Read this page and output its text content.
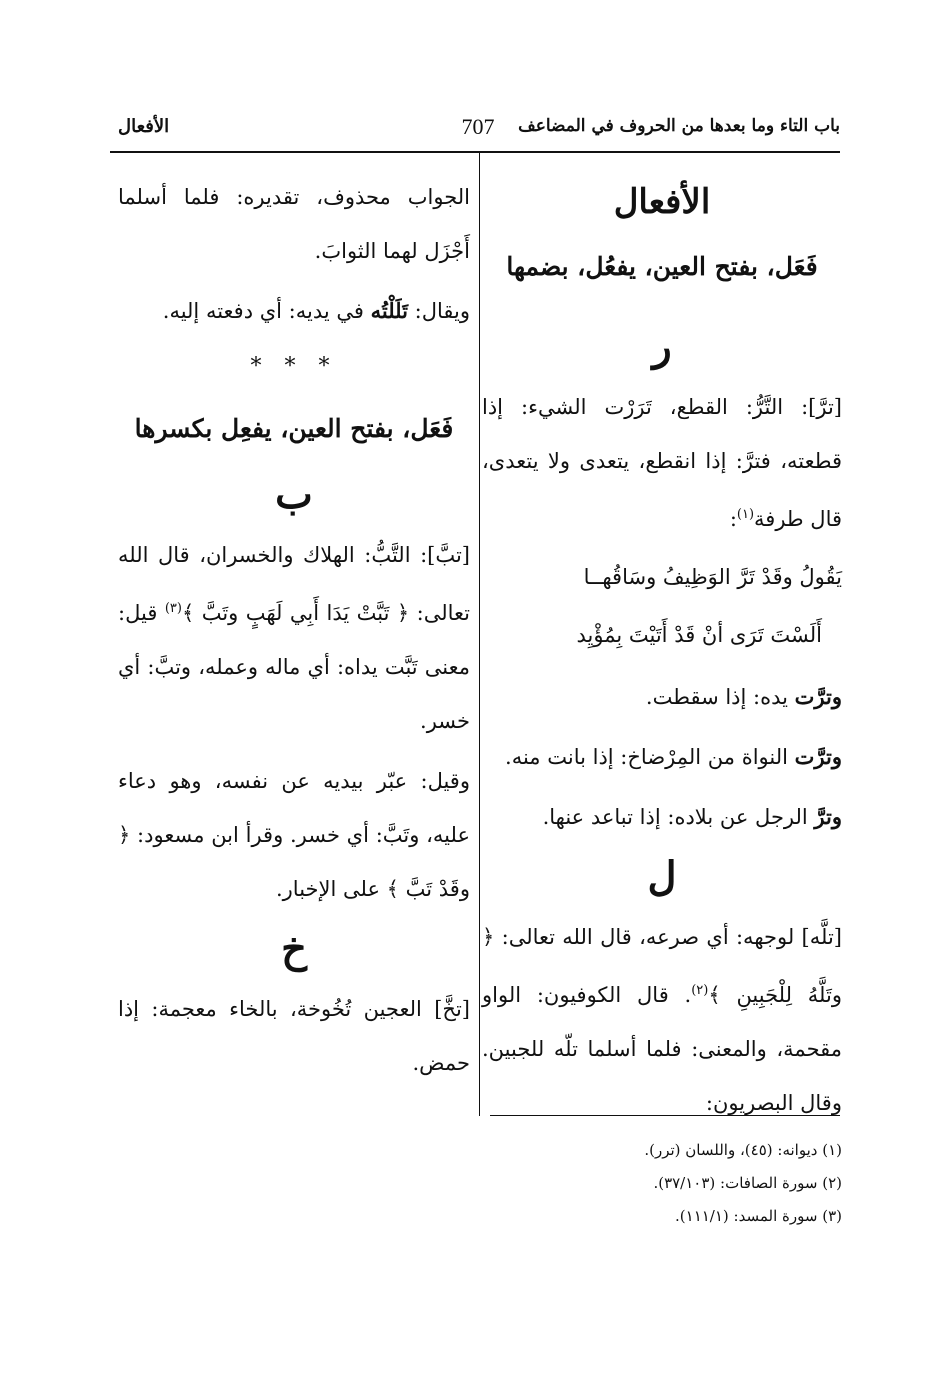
باب التاء وما بعدها من الحروف في المضاعف
707
الأفعال

الأفعال

فَعَل، بفتح العين، يفعُل، بضمها

ر

[ترَّ]: التَّرُّ: القطع، تَرَرْت الشيء: إذا قطعته، فترَّ: إذا انقطع، يتعدى ولا يتعدى، قال طرفة$^{(١)}$:

يَقُولُ وقَدْ تَرَّ الوَظِيفُ وسَاقُهــا

أَلَسْتَ تَرَى أنْ قَدْ أَتَيْتَ بِمُؤْيِد

وترَّت يده: إذا سقطت.

وترَّت النواة من المِرْضاخ: إذا بانت منه.

وترَّ الرجل عن بلاده: إذا تباعد عنها.

ل

[تلَّه] لوجهه: أي صرعه، قال الله تعالى: ﴿ وتَلَّهُ لِلْجَبِينِ ﴾$^{(٢)}$. قال الكوفيون: الواو مقحمة، والمعنى: فلما أسلما تلّه للجبين. وقال البصريون:

الجواب محذوف، تقديره: فلما أسلما أَجْزَل لهما الثوابَ.

ويقال: تَلَلْتُه في يديه: أي دفعته إليه.

* * *

فَعَل، بفتح العين، يفعِل بكسرها

ب

[تبَّ]: التَّبُّ: الهلاك والخسران، قال الله تعالى: ﴿ تَبَّتْ يَدَا أَبِي لَهَبٍ وتَبَّ ﴾$^{(٣)}$ قيل: معنى تَبَّت يداه: أي ماله وعمله، وتبَّ: أي خسر.

وقيل: عبّر بيديه عن نفسه، وهو دعاء عليه، وتَبَّ: أي خسر. وقرأ ابن مسعود: ﴿ وقَدْ تَبَّ ﴾ على الإخبار.

خ

[تخَّ] العجين تُخُوخة، بالخاء معجمة: إذا حمض.

(١) ديوانه: (٤٥)، واللسان (ترر).

(٢) سورة الصافات: (٣٧/١٠٣).

(٣) سورة المسد: (١١١/١).
